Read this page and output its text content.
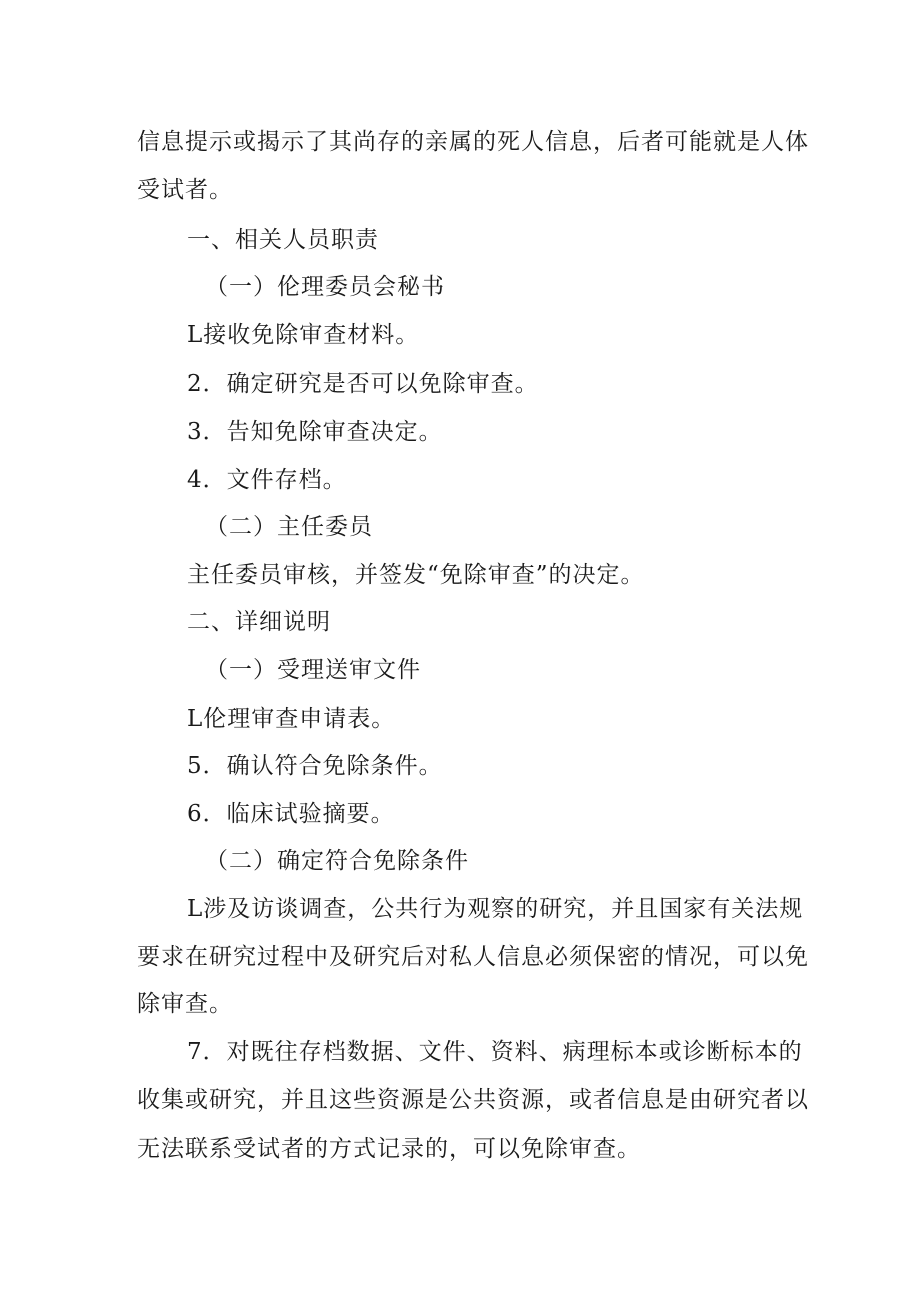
信息提示或揭示了其尚存的亲属的死人信息，后者可能就是人体
受试者。
一、相关人员职责
（一）伦理委员会秘书
L接收免除审查材料。
2．确定研究是否可以免除审查。
3．告知免除审查决定。
4．文件存档。
（二）主任委员
主任委员审核，并签发“免除审查”的决定。
二、详细说明
（一）受理送审文件
L伦理审查申请表。
5．确认符合免除条件。
6．临床试验摘要。
（二）确定符合免除条件
L涉及访谈调查，公共行为观察的研究，并且国家有关法规
要求在研究过程中及研究后对私人信息必须保密的情况，可以免
除审查。
7．对既往存档数据、文件、资料、病理标本或诊断标本的
收集或研究，并且这些资源是公共资源，或者信息是由研究者以
无法联系受试者的方式记录的，可以免除审查。
